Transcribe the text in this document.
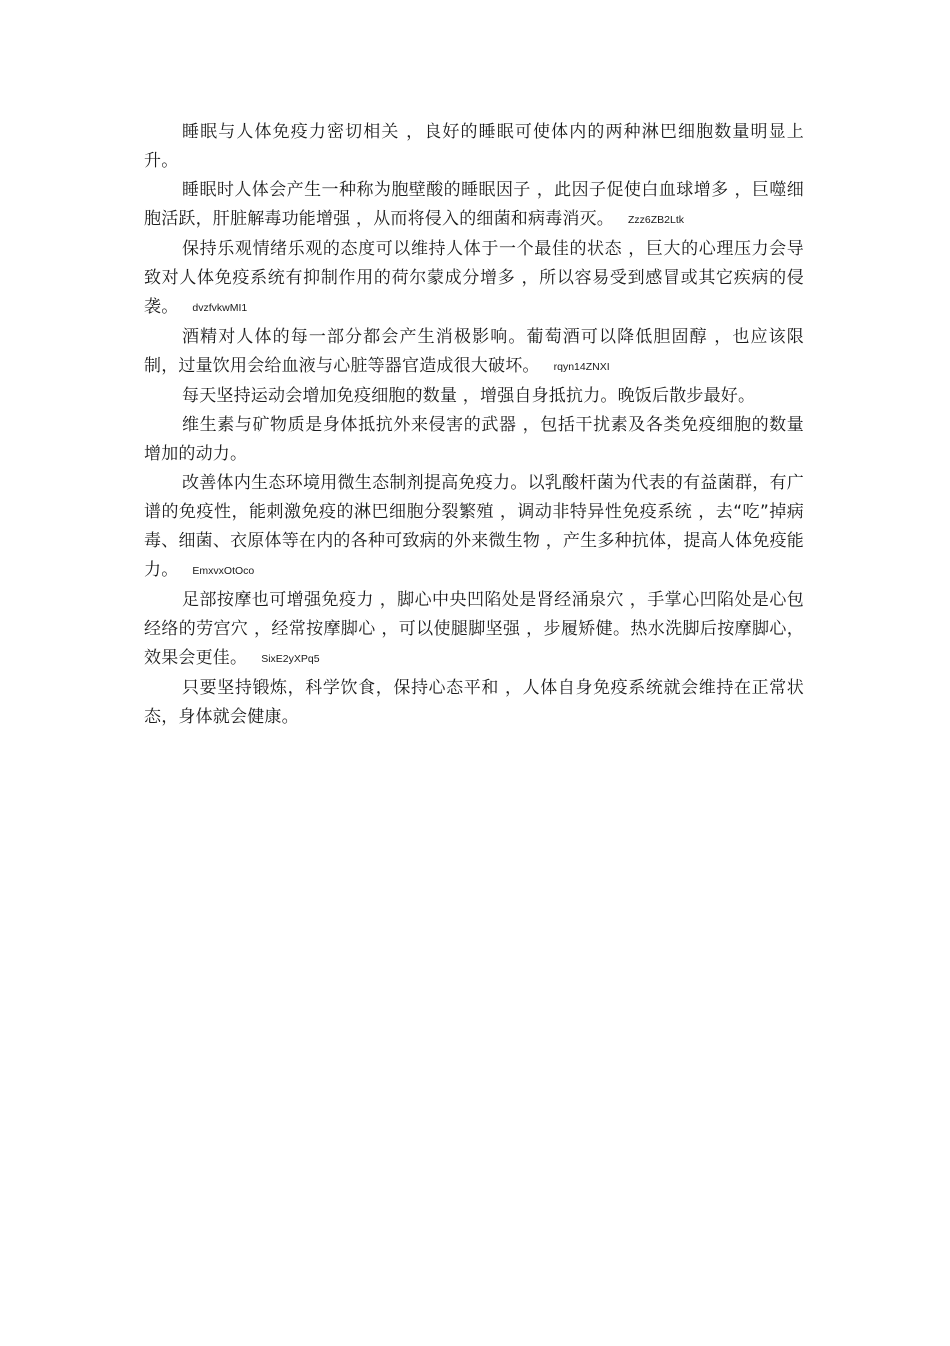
睡眠与人体免疫力密切相关 ，良好的睡眠可使体内的两种淋巴细胞数量明显上升。

睡眠时人体会产生一种称为胞壁酸的睡眠因子 ，此因子促使白血球增多 ，巨噬细胞活跃，肝脏解毒功能增强 ，从而将侵入的细菌和病毒消灭。 Zzz6ZB2Ltk

保持乐观情绪乐观的态度可以维持人体于一个最佳的状态 ，巨大的心理压力会导致对人体免疫系统有抑制作用的荷尔蒙成分增多 ，所以容易受到感冒或其它疾病的侵袭。 dvzfvkwMI1

酒精对人体的每一部分都会产生消极影响。葡萄酒可以降低胆固醇 ，也应该限制，过量饮用会给血液与心脏等器官造成很大破坏。 rqyn14ZNXI

每天坚持运动会增加免疫细胞的数量 ，增强自身抵抗力。晚饭后散步最好。

维生素与矿物质是身体抵抗外来侵害的武器 ，包括干扰素及各类免疫细胞的数量增加的动力。

改善体内生态环境用微生态制剂提高免疫力。以乳酸杆菌为代表的有益菌群，有广谱的免疫性，能刺激免疫的淋巴细胞分裂繁殖 ，调动非特异性免疫系统 ，去“吃”掉病毒、细菌、衣原体等在内的各种可致病的外来微生物 ，产生多种抗体，提高人体免疫能力。 EmxvxOtOco

足部按摩也可增强免疫力 ，脚心中央凹陷处是肾经涌泉穴 ，手掌心凹陷处是心包经络的劳宫穴 ，经常按摩脚心 ，可以使腿脚坚强 ，步履矫健。热水洗脚后按摩脚心，效果会更佳。 SixE2yXPq5

只要坚持锻炼，科学饮食，保持心态平和 ，人体自身免疫系统就会维持在正常状态，身体就会健康。
